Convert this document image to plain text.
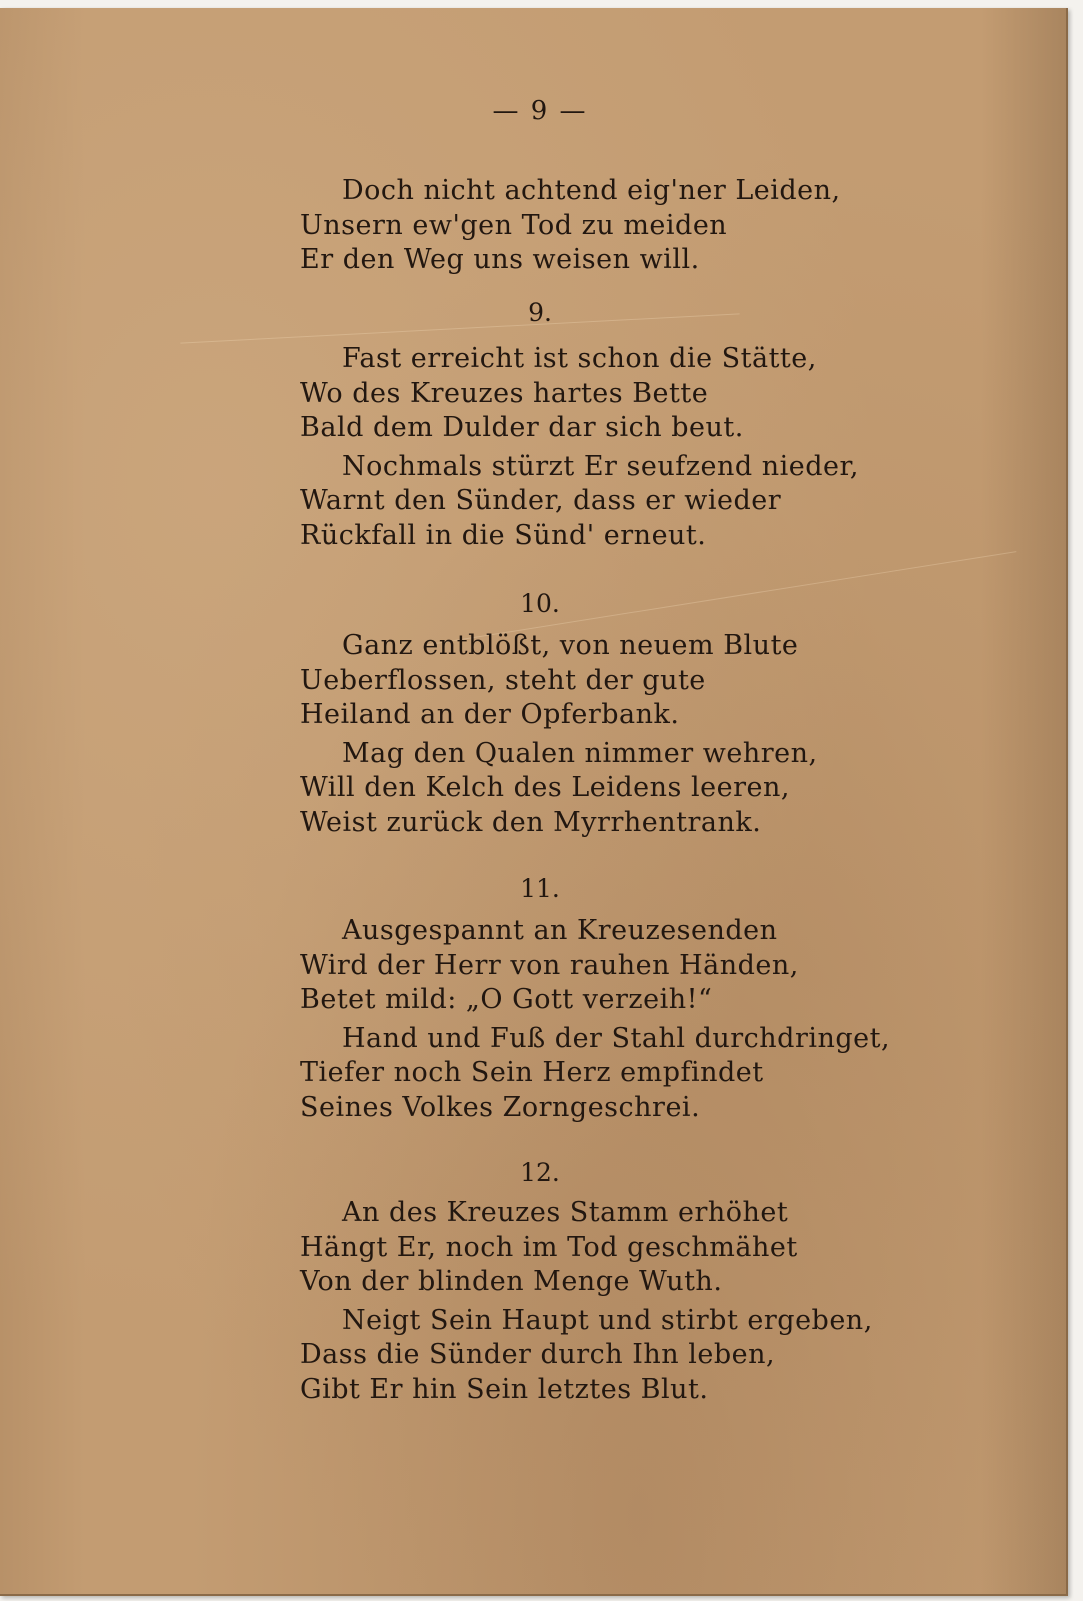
— 9 —
Doch nicht achtend eig'ner Leiden,
Unsern ew'gen Tod zu meiden
Er den Weg uns weisen will.
9.
Fast erreicht ist schon die Stätte,
Wo des Kreuzes hartes Bette
Bald dem Dulder dar sich beut.
Nochmals stürzt Er seufzend nieder,
Warnt den Sünder, dass er wieder
Rückfall in die Sünd' erneut.
10.
Ganz entblößt, von neuem Blute
Ueberflossen, steht der gute
Heiland an der Opferbank.
Mag den Qualen nimmer wehren,
Will den Kelch des Leidens leeren,
Weist zurück den Myrrhentrank.
11.
Ausgespannt an Kreuzesenden
Wird der Herr von rauhen Händen,
Betet mild: „O Gott verzeih!“
Hand und Fuß der Stahl durchdringet,
Tiefer noch Sein Herz empfindet
Seines Volkes Zorngeschrei.
12.
An des Kreuzes Stamm erhöhet
Hängt Er, noch im Tod geschmähet
Von der blinden Menge Wuth.
Neigt Sein Haupt und stirbt ergeben,
Dass die Sünder durch Ihn leben,
Gibt Er hin Sein letztes Blut.
